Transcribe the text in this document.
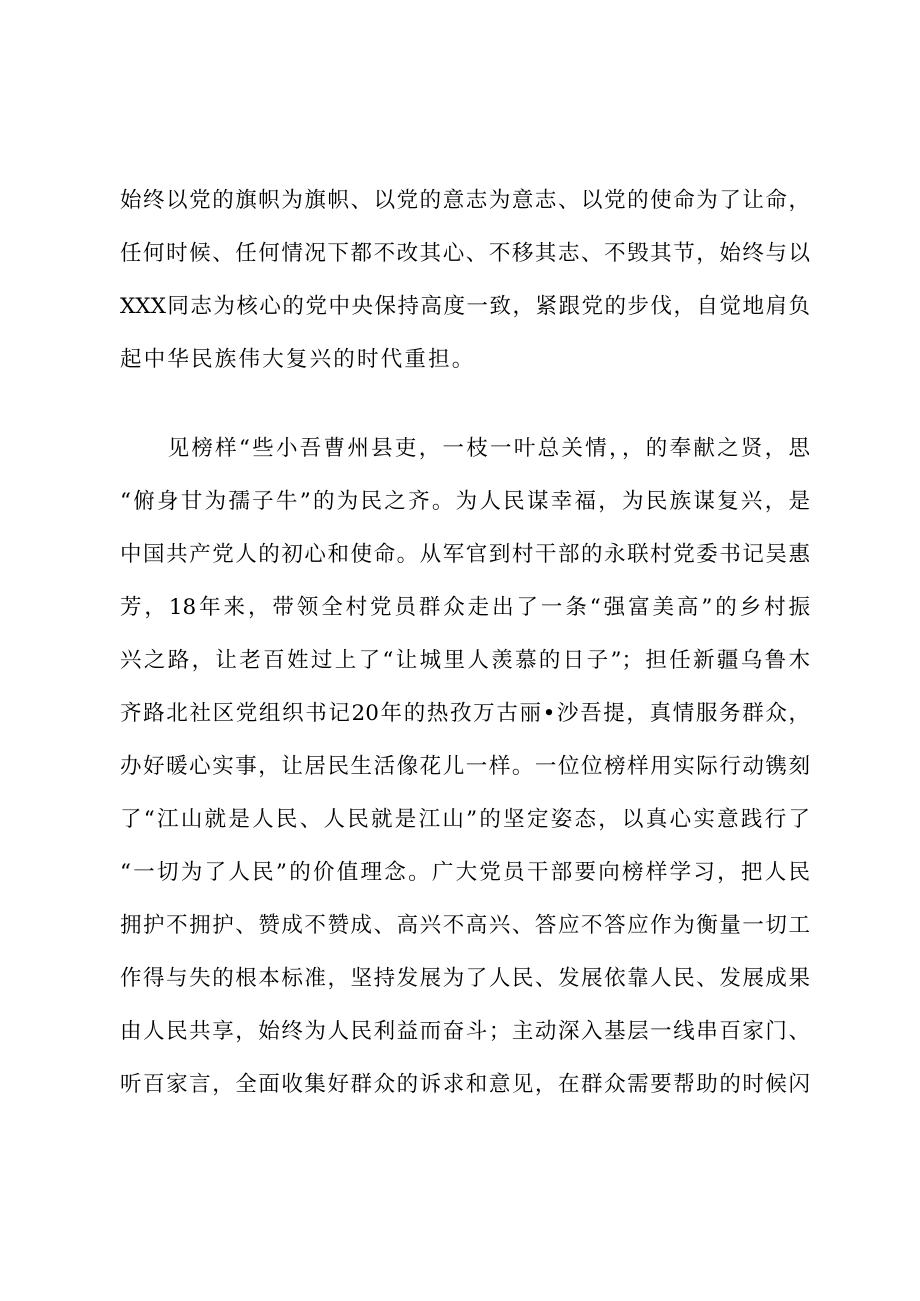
始终以党的旗帜为旗帜、以党的意志为意志、以党的使命为了让命，
任何时候、任何情况下都不改其心、不移其志、不毁其节，始终与以
XXX同志为核心的党中央保持高度一致，紧跟党的步伐，自觉地肩负
起中华民族伟大复兴的时代重担。
　　见榜样“些小吾曹州县吏，一枝一叶总关情，，的奉献之贤，思
“俯身甘为孺子牛”的为民之齐。为人民谋幸福，为民族谋复兴，是
中国共产党人的初心和使命。从军官到村干部的永联村党委书记吴惠
芳，18年来，带领全村党员群众走出了一条“强富美高”的乡村振
兴之路，让老百姓过上了“让城里人羡慕的日子”；担任新疆乌鲁木
齐路北社区党组织书记20年的热孜万古丽•沙吾提，真情服务群众，
办好暖心实事，让居民生活像花儿一样。一位位榜样用实际行动镌刻
了“江山就是人民、人民就是江山”的坚定姿态，以真心实意践行了
“一切为了人民”的价值理念。广大党员干部要向榜样学习，把人民
拥护不拥护、赞成不赞成、高兴不高兴、答应不答应作为衡量一切工
作得与失的根本标准，坚持发展为了人民、发展依靠人民、发展成果
由人民共享，始终为人民利益而奋斗；主动深入基层一线串百家门、
听百家言，全面收集好群众的诉求和意见，在群众需要帮助的时候闪
